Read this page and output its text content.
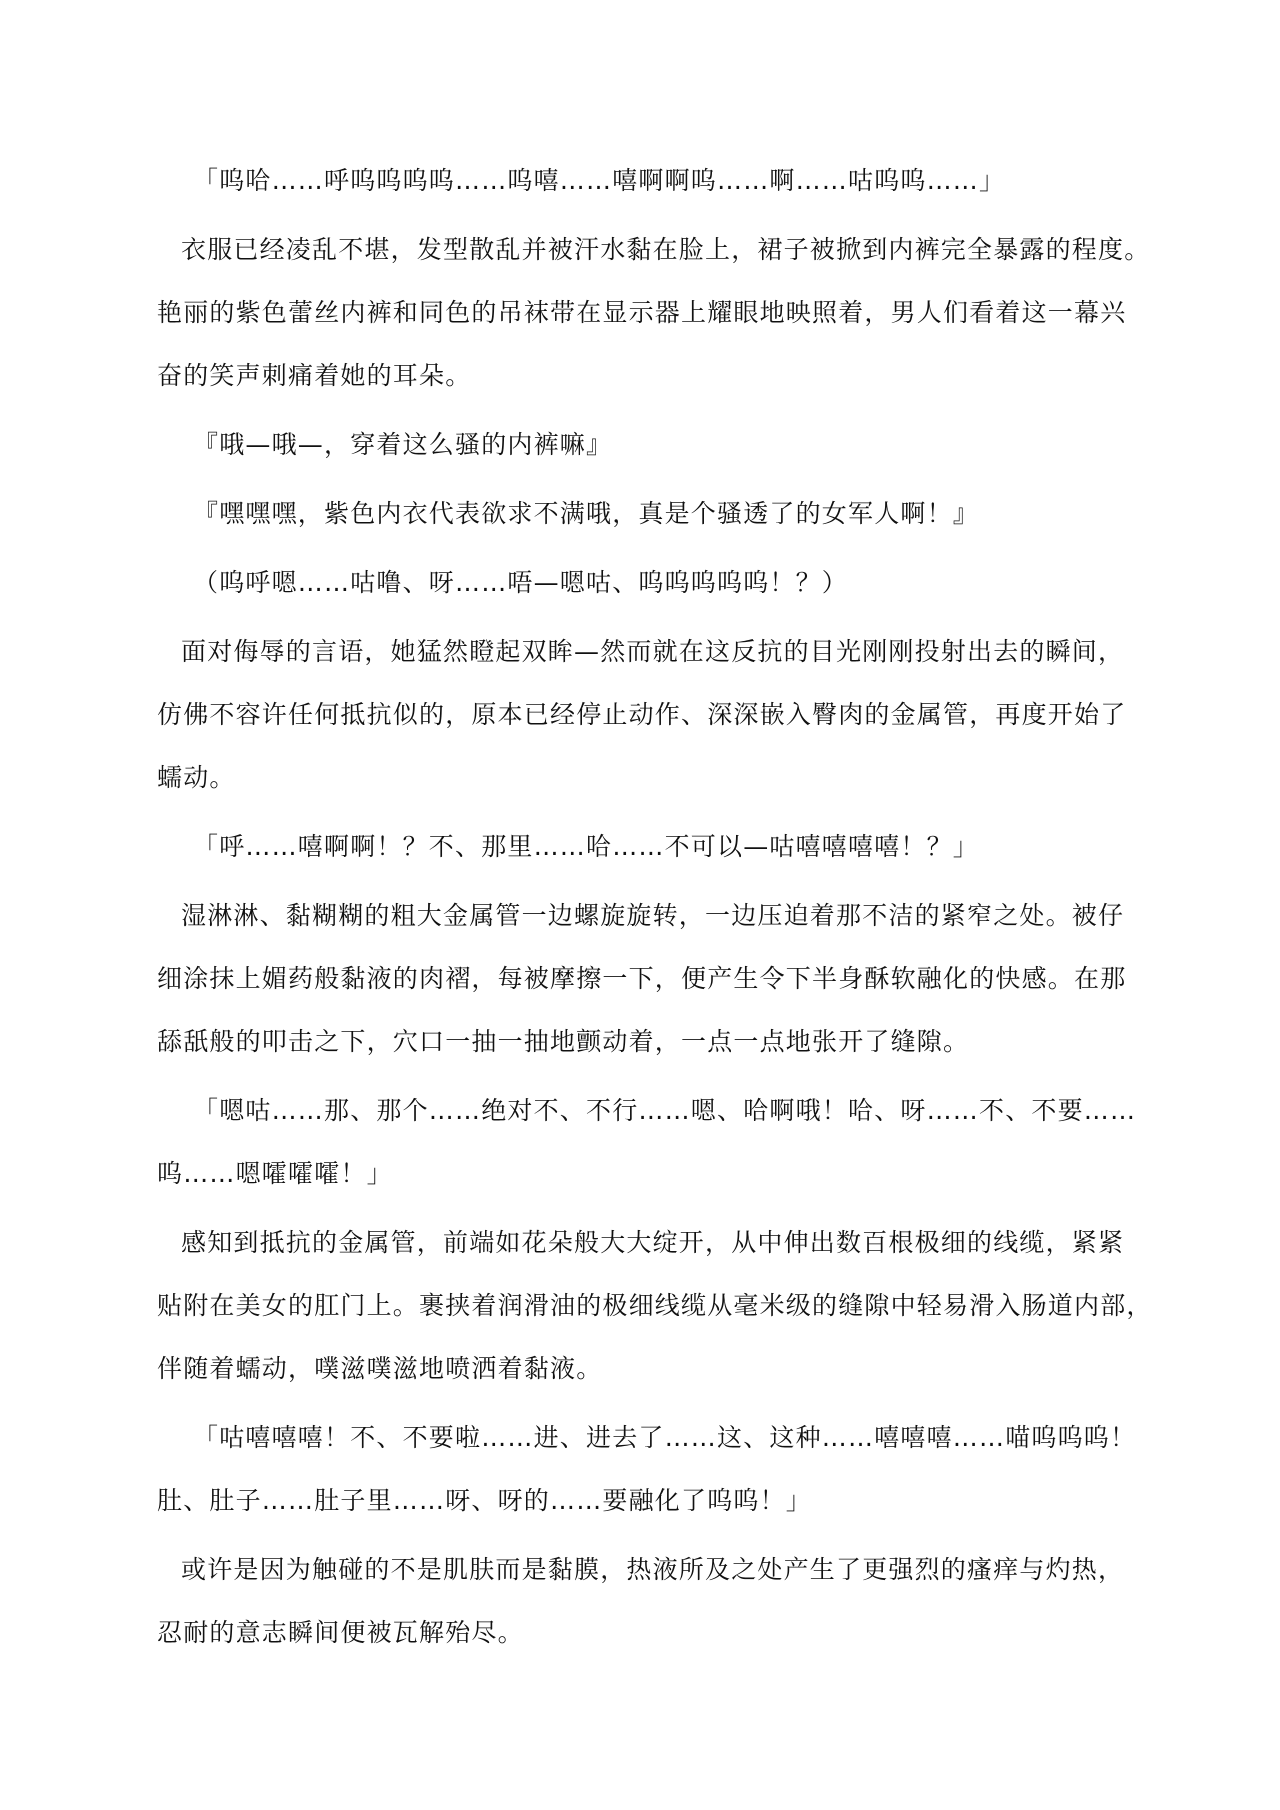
「呜哈……呼呜呜呜呜……呜嘻……嘻啊啊呜……啊……咕呜呜……」
衣服已经凌乱不堪，发型散乱并被汗水黏在脸上，裙子被掀到内裤完全暴露的程度。
艳丽的紫色蕾丝内裤和同色的吊袜带在显示器上耀眼地映照着，男人们看着这一幕兴
奋的笑声刺痛着她的耳朵。
『哦—哦—，穿着这么骚的内裤嘛』
『嘿嘿嘿，紫色内衣代表欲求不满哦，真是个骚透了的女军人啊！』
（呜呼嗯……咕噜、呀……唔—嗯咕、呜呜呜呜呜！？）
面对侮辱的言语，她猛然瞪起双眸—然而就在这反抗的目光刚刚投射出去的瞬间，
仿佛不容许任何抵抗似的，原本已经停止动作、深深嵌入臀肉的金属管，再度开始了
蠕动。
「呼……嘻啊啊！？不、那里……哈……不可以—咕嘻嘻嘻嘻！？」
湿淋淋、黏糊糊的粗大金属管一边螺旋旋转，一边压迫着那不洁的紧窄之处。被仔
细涂抹上媚药般黏液的肉褶，每被摩擦一下，便产生令下半身酥软融化的快感。在那
舔舐般的叩击之下，穴口一抽一抽地颤动着，一点一点地张开了缝隙。
「嗯咕……那、那个……绝对不、不行……嗯、哈啊哦！哈、呀……不、不要……
呜……嗯嚯嚯嚯！」
感知到抵抗的金属管，前端如花朵般大大绽开，从中伸出数百根极细的线缆，紧紧
贴附在美女的肛门上。裹挟着润滑油的极细线缆从毫米级的缝隙中轻易滑入肠道内部，
伴随着蠕动，噗滋噗滋地喷洒着黏液。
「咕嘻嘻嘻！不、不要啦……进、进去了……这、这种……嘻嘻嘻……喵呜呜呜！
肚、肚子……肚子里……呀、呀的……要融化了呜呜！」
或许是因为触碰的不是肌肤而是黏膜，热液所及之处产生了更强烈的瘙痒与灼热，
忍耐的意志瞬间便被瓦解殆尽。
